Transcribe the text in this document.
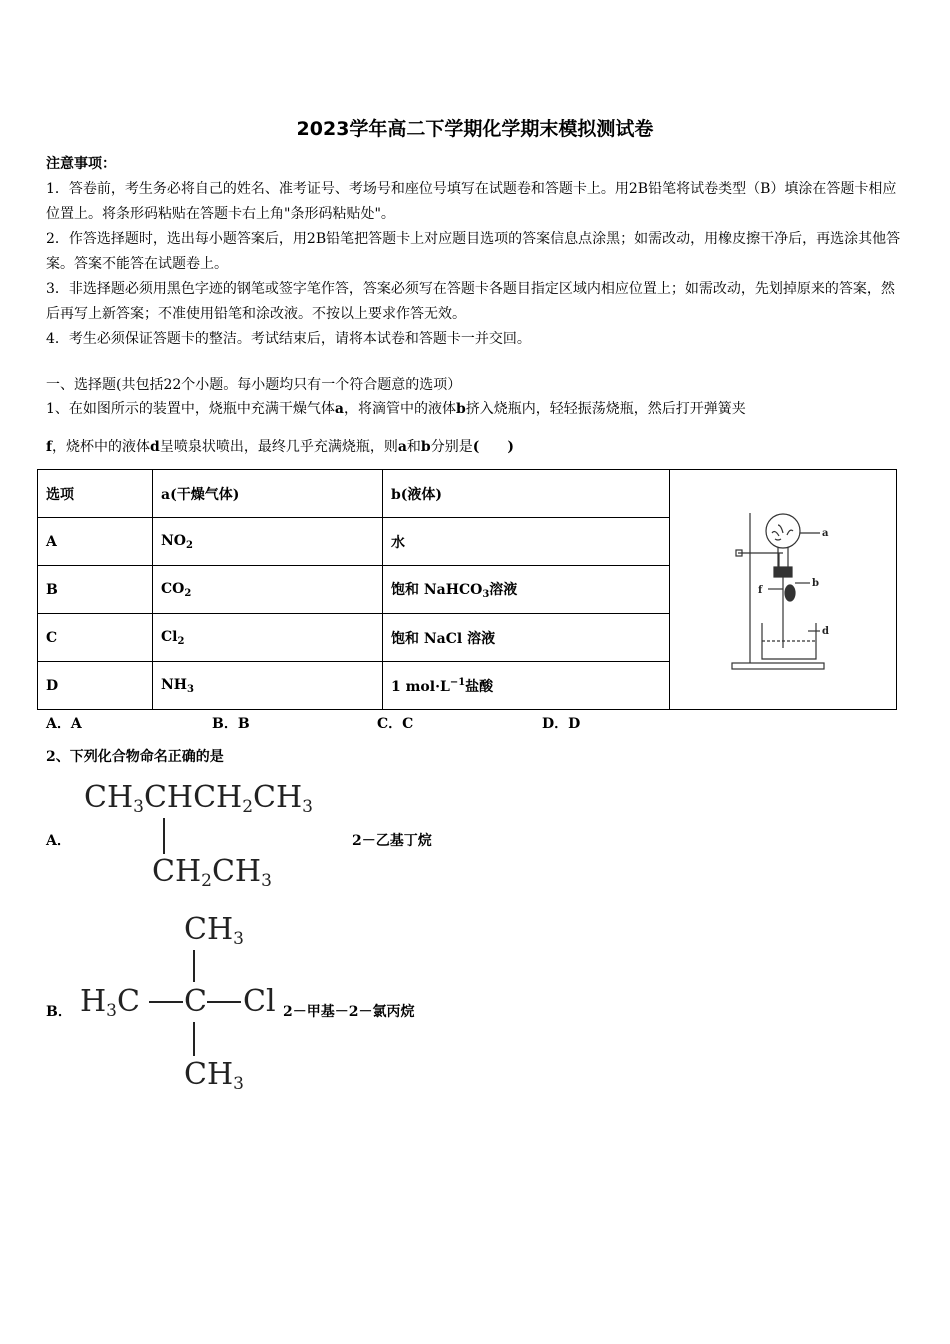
2023学年高二下学期化学期末模拟测试卷

注意事项：

1．答卷前，考生务必将自己的姓名、准考证号、考场号和座位号填写在试题卷和答题卡上。用2B铅笔将试卷类型（B）填涂在答题卡相应位置上。将条形码粘贴在答题卡右上角"条形码粘贴处"。

2．作答选择题时，选出每小题答案后，用2B铅笔把答题卡上对应题目选项的答案信息点涂黑；如需改动，用橡皮擦干净后，再选涂其他答案。答案不能答在试题卷上。

3．非选择题必须用黑色字迹的钢笔或签字笔作答，答案必须写在答题卡各题目指定区域内相应位置上；如需改动，先划掉原来的答案，然后再写上新答案；不准使用铅笔和涂改液。不按以上要求作答无效。

4．考生必须保证答题卡的整洁。考试结束后，请将本试卷和答题卡一并交回。

一、选择题(共包括22个小题。每小题均只有一个符合题意的选项）
1、在如图所示的装置中，烧瓶中充满干燥气体a，将滴管中的液体b挤入烧瓶内，轻轻振荡烧瓶，然后打开弹簧夹
f，烧杯中的液体d呈喷泉状喷出，最终几乎充满烧瓶，则a和b分别是(　　)
选项	a(干燥气体)	b(液体)	a
b
f
d

A	$NO_2$	水	
B	$CO_2$	饱和 NaHCO$_3$溶液	
C	$Cl_2$	饱和 NaCl 溶液	
D	$NH_3$	1 $mol\cdot L^{-1}$盐酸	
A．A	B．B	C．C	D．D
2、下列化合物命名正确的是
A．
$CH_3CHCH_2CH_3$
$CH_2CH_3$
2－乙基丁烷
B．
$CH_3$
$H_3C$ C Cl
$CH_3$
2－甲基－2－氯丙烷
